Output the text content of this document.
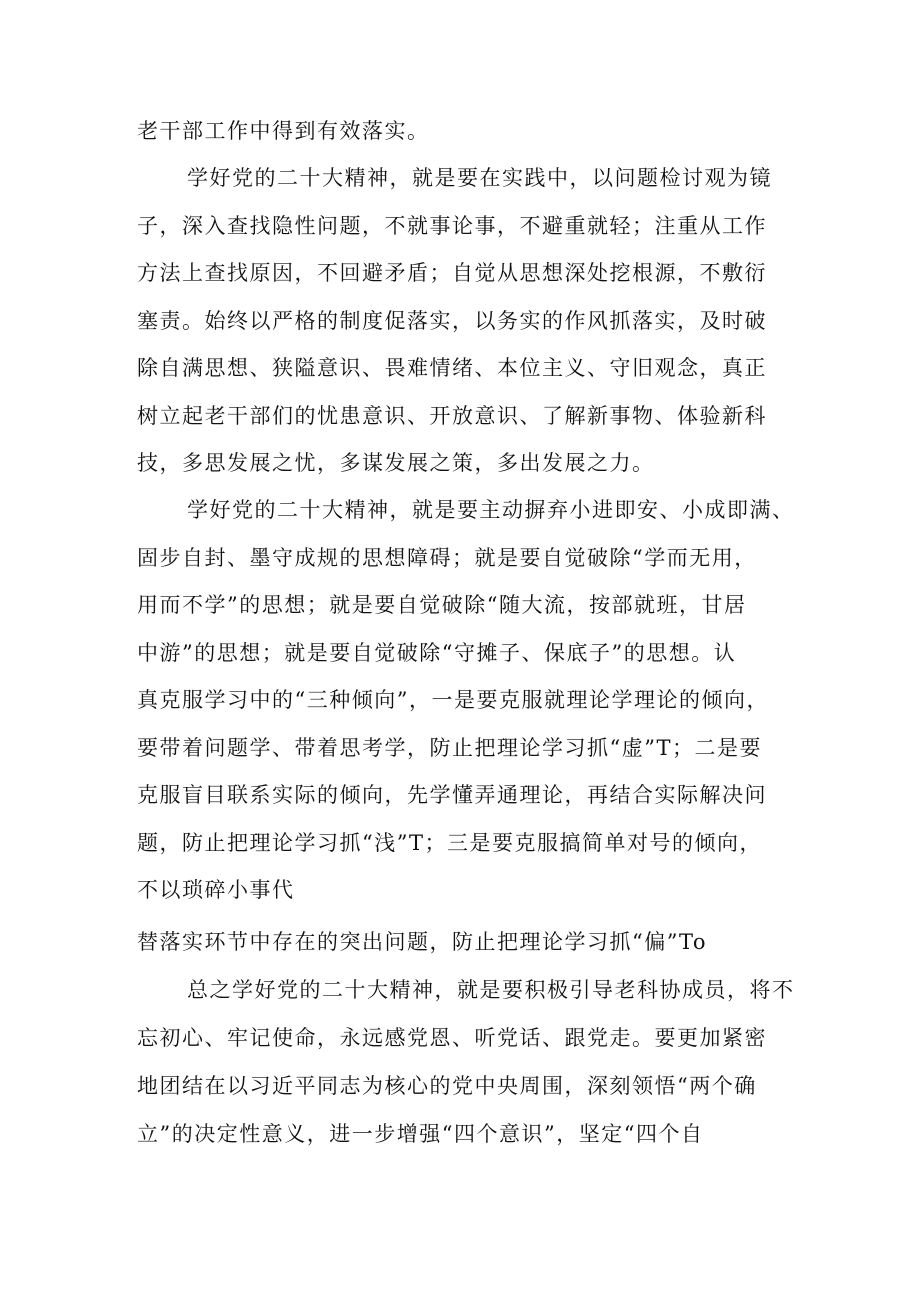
老干部工作中得到有效落实。

学好党的二十大精神，就是要在实践中，以问题检讨观为镜

子，深入查找隐性问题，不就事论事，不避重就轻；注重从工作

方法上查找原因，不回避矛盾；自觉从思想深处挖根源，不敷衍

塞责。始终以严格的制度促落实，以务实的作风抓落实，及时破

除自满思想、狭隘意识、畏难情绪、本位主义、守旧观念，真正

树立起老干部们的忧患意识、开放意识、了解新事物、体验新科

技，多思发展之忧，多谋发展之策，多出发展之力。

学好党的二十大精神，就是要主动摒弃小进即安、小成即满、

固步自封、墨守成规的思想障碍；就是要自觉破除“学而无用，

用而不学”的思想；就是要自觉破除“随大流，按部就班，甘居

中游”的思想；就是要自觉破除“守摊子、保底子”的思想。认

真克服学习中的“三种倾向”，一是要克服就理论学理论的倾向，

要带着问题学、带着思考学，防止把理论学习抓“虚”T；二是要

克服盲目联系实际的倾向，先学懂弄通理论，再结合实际解决问

题，防止把理论学习抓“浅”T；三是要克服搞简单对号的倾向，

不以琐碎小事代

替落实环节中存在的突出问题，防止把理论学习抓“偏”To

总之学好党的二十大精神，就是要积极引导老科协成员，将不

忘初心、牢记使命，永远感党恩、听党话、跟党走。要更加紧密

地团结在以习近平同志为核心的党中央周围，深刻领悟“两个确

立”的决定性意义，进一步增强“四个意识”，坚定“四个自
